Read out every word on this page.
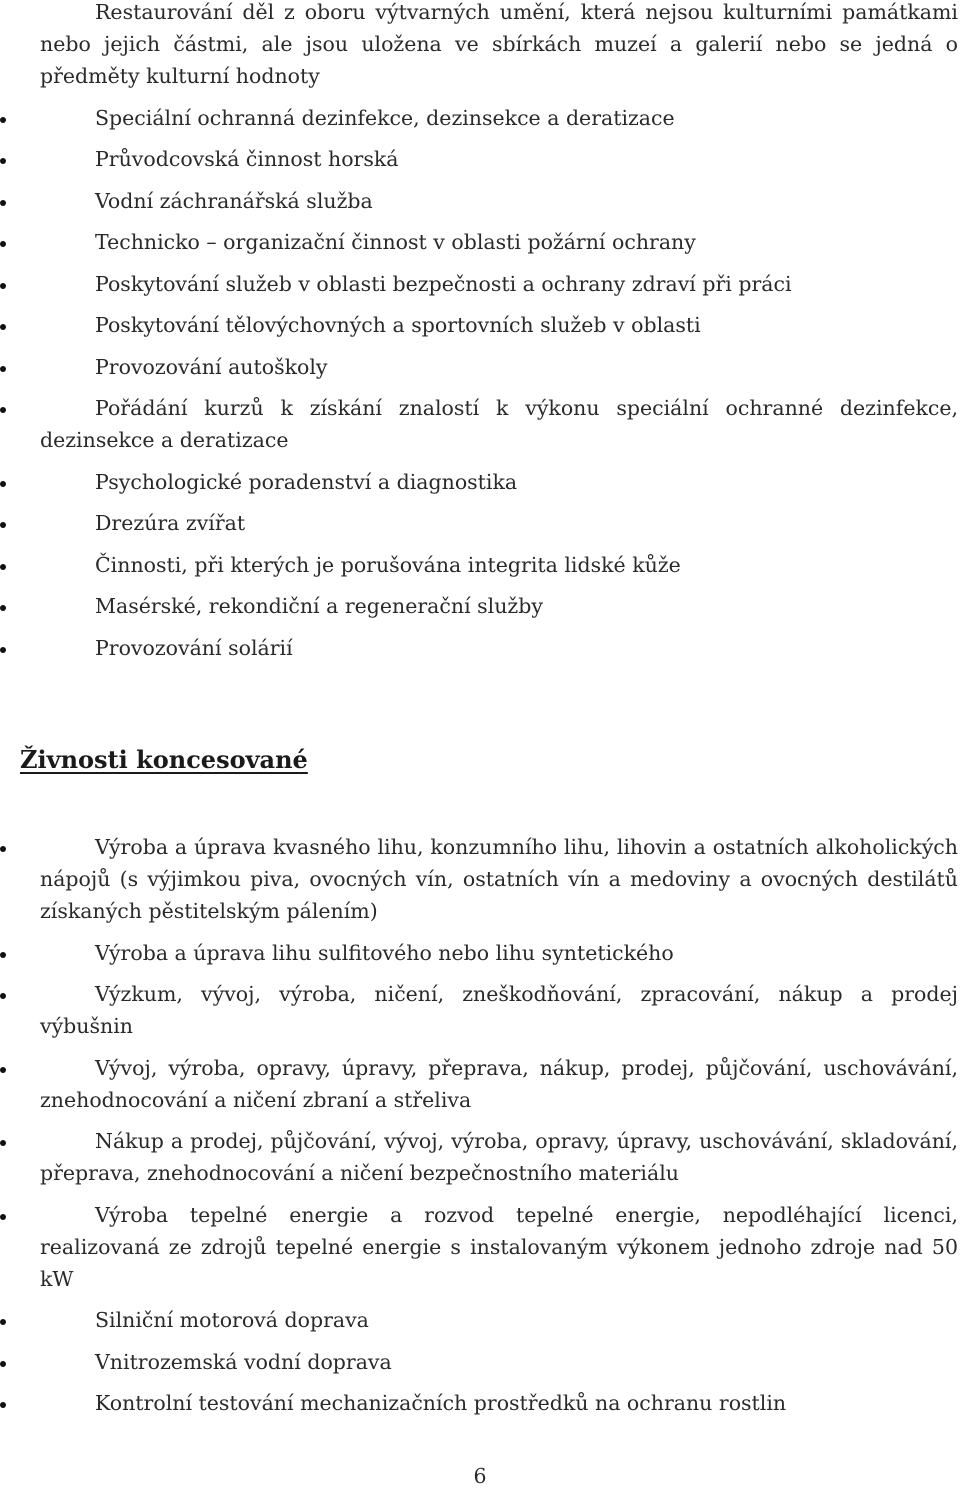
Restaurování děl z oboru výtvarných umění, která nejsou kulturními památkami nebo jejich částmi, ale jsou uložena ve sbírkách muzeí a galerií nebo se jedná o předměty kulturní hodnoty
Speciální ochranná dezinfekce, dezinsekce a deratizace
Průvodcovská činnost horská
Vodní záchranářská služba
Technicko – organizační činnost v oblasti požární ochrany
Poskytování služeb v oblasti bezpečnosti a ochrany zdraví při práci
Poskytování tělovýchovných a sportovních služeb v oblasti
Provozování autoškoly
Pořádání kurzů k získání znalostí k výkonu speciální ochranné dezinfekce, dezinsekce a deratizace
Psychologické poradenství a diagnostika
Drezúra zvířat
Činnosti, při kterých je porušována integrita lidské kůže
Masérské, rekondiční a regenerační služby
Provozování solárií
Živnosti koncesované
Výroba a úprava kvasného lihu, konzumního lihu, lihovin a ostatních alkoholických nápojů (s výjimkou piva, ovocných vín, ostatních vín a medoviny a ovocných destilátů získaných pěstitelským pálením)
Výroba a úprava lihu sulfitového nebo lihu syntetického
Výzkum, vývoj, výroba, ničení, zneškodňování, zpracování, nákup a prodej výbušnin
Vývoj, výroba, opravy, úpravy, přeprava, nákup, prodej, půjčování, uschovávání, znehodnocování a ničení zbraní a střeliva
Nákup a prodej, půjčování, vývoj, výroba, opravy, úpravy, uschovávání, skladování, přeprava, znehodnocování a ničení bezpečnostního materiálu
Výroba tepelné energie a rozvod tepelné energie, nepodléhající licenci, realizovaná ze zdrojů tepelné energie s instalovaným výkonem jednoho zdroje nad 50 kW
Silniční motorová doprava
Vnitrozemská vodní doprava
Kontrolní testování mechanizačních prostředků na ochranu rostlin
6
